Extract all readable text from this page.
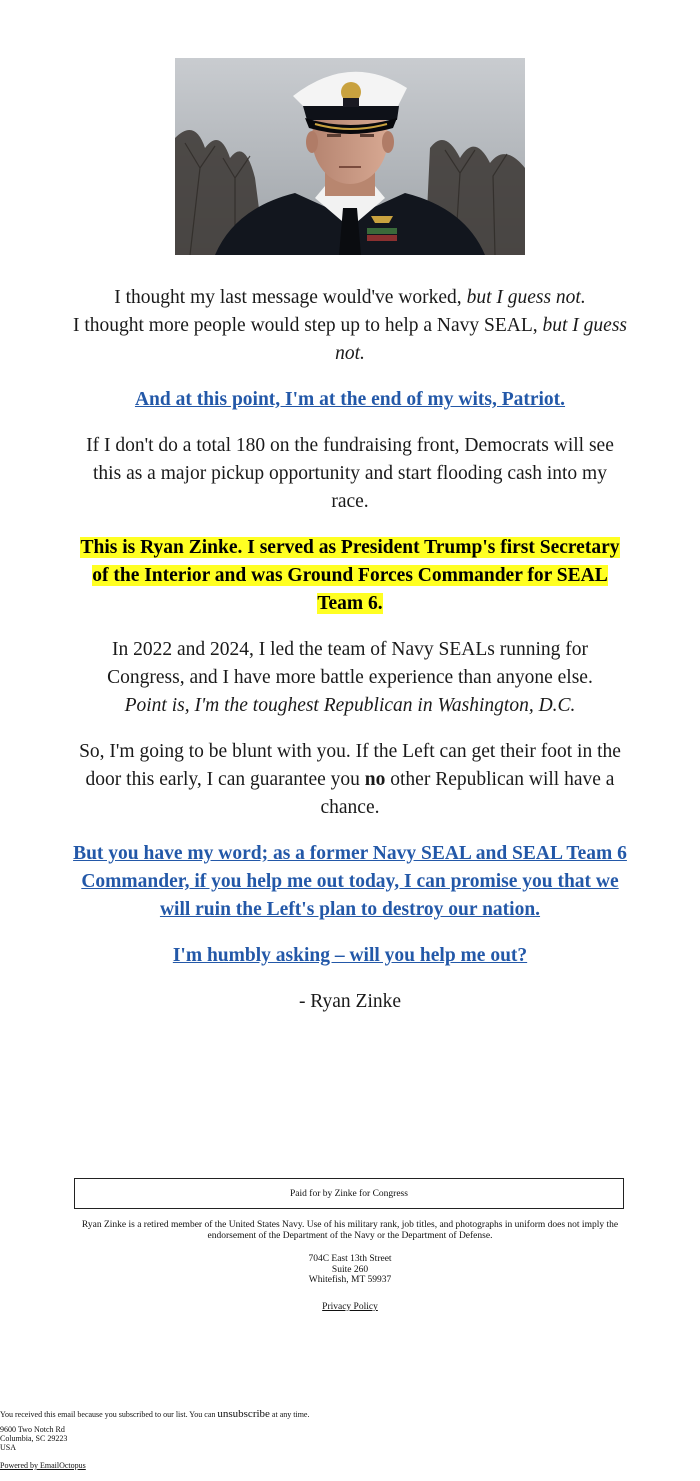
I thought my last message would've worked, but I guess not.
I thought more people would step up to help a Navy SEAL, but I guess not.

And at this point, I'm at the end of my wits, Patriot.

If I don't do a total 180 on the fundraising front, Democrats will see this as a major pickup opportunity and start flooding cash into my race.

This is Ryan Zinke. I served as President Trump's first Secretary of the Interior and was Ground Forces Commander for SEAL Team 6.

In 2022 and 2024, I led the team of Navy SEALs running for Congress, and I have more battle experience than anyone else.
Point is, I'm the toughest Republican in Washington, D.C.

So, I'm going to be blunt with you. If the Left can get their foot in the door this early, I can guarantee you no other Republican will have a chance.

But you have my word; as a former Navy SEAL and SEAL Team 6 Commander, if you help me out today, I can promise you that we will ruin the Left's plan to destroy our nation.

I'm humbly asking – will you help me out?

- Ryan Zinke

Paid for by Zinke for Congress
Ryan Zinke is a retired member of the United States Navy. Use of his military rank, job titles, and photographs in uniform does not imply the endorsement of the Department of the Navy or the Department of Defense.
704C East 13th Street
Suite 260
Whitefish, MT 59937
Privacy Policy
You received this email because you subscribed to our list. You can unsubscribe at any time.
9600 Two Notch Rd
Columbia, SC 29223
USA
Powered by EmailOctopus
